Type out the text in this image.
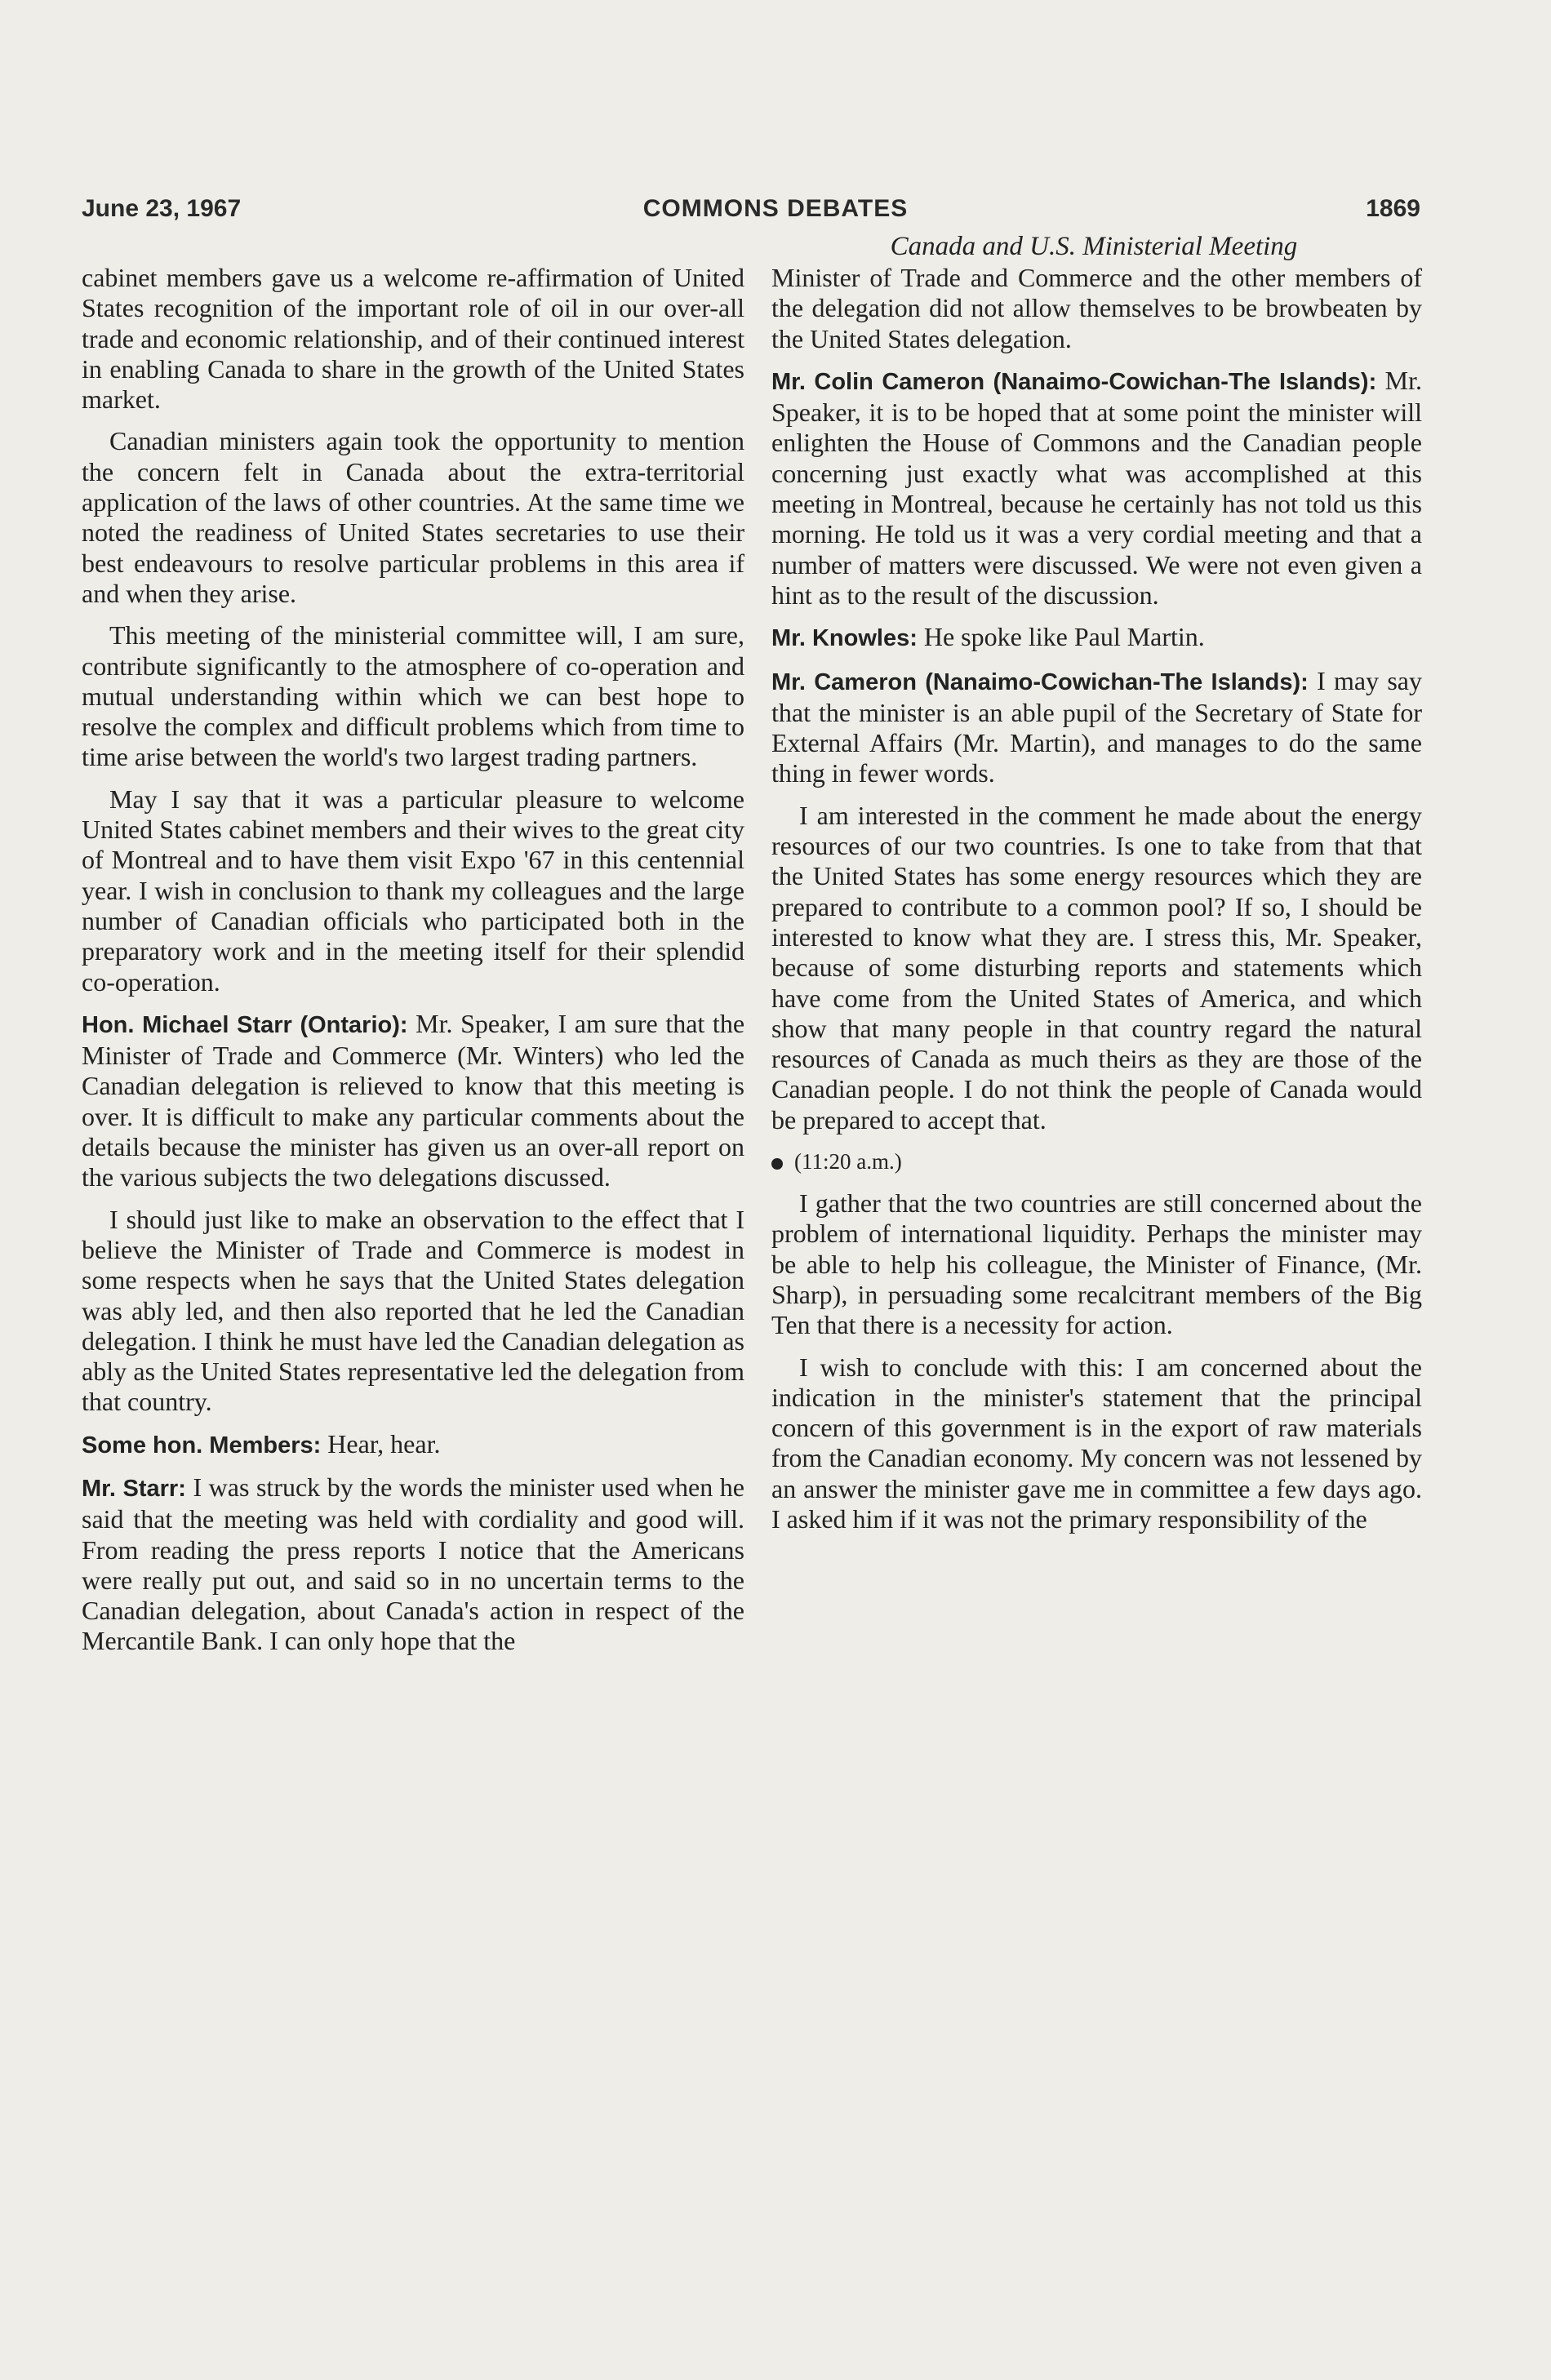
June 23, 1967	COMMONS DEBATES	1869
Canada and U.S. Ministerial Meeting

cabinet members gave us a welcome re-affirmation of United States recognition of the important role of oil in our over-all trade and economic relationship, and of their continued interest in enabling Canada to share in the growth of the United States market.

Canadian ministers again took the opportunity to mention the concern felt in Canada about the extra-territorial application of the laws of other countries. At the same time we noted the readiness of United States secretaries to use their best endeavours to resolve particular problems in this area if and when they arise.

This meeting of the ministerial committee will, I am sure, contribute significantly to the atmosphere of co-operation and mutual understanding within which we can best hope to resolve the complex and difficult problems which from time to time arise between the world's two largest trading partners.

May I say that it was a particular pleasure to welcome United States cabinet members and their wives to the great city of Montreal and to have them visit Expo '67 in this centennial year. I wish in conclusion to thank my colleagues and the large number of Canadian officials who participated both in the preparatory work and in the meeting itself for their splendid co-operation.

Hon. Michael Starr (Ontario): Mr. Speaker, I am sure that the Minister of Trade and Commerce (Mr. Winters) who led the Canadian delegation is relieved to know that this meeting is over. It is difficult to make any particular comments about the details because the minister has given us an over-all report on the various subjects the two delegations discussed.

I should just like to make an observation to the effect that I believe the Minister of Trade and Commerce is modest in some respects when he says that the United States delegation was ably led, and then also reported that he led the Canadian delegation. I think he must have led the Canadian delegation as ably as the United States representative led the delegation from that country.

Some hon. Members: Hear, hear.

Mr. Starr: I was struck by the words the minister used when he said that the meeting was held with cordiality and good will. From reading the press reports I notice that the Americans were really put out, and said so in no uncertain terms to the Canadian delegation, about Canada's action in respect of the Mercantile Bank. I can only hope that the

Minister of Trade and Commerce and the other members of the delegation did not allow themselves to be browbeaten by the United States delegation.

Mr. Colin Cameron (Nanaimo-Cowichan-The Islands): Mr. Speaker, it is to be hoped that at some point the minister will enlighten the House of Commons and the Canadian people concerning just exactly what was accomplished at this meeting in Montreal, because he certainly has not told us this morning. He told us it was a very cordial meeting and that a number of matters were discussed. We were not even given a hint as to the result of the discussion.

Mr. Knowles: He spoke like Paul Martin.

Mr. Cameron (Nanaimo-Cowichan-The Islands): I may say that the minister is an able pupil of the Secretary of State for External Affairs (Mr. Martin), and manages to do the same thing in fewer words.

I am interested in the comment he made about the energy resources of our two countries. Is one to take from that that the United States has some energy resources which they are prepared to contribute to a common pool? If so, I should be interested to know what they are. I stress this, Mr. Speaker, because of some disturbing reports and statements which have come from the United States of America, and which show that many people in that country regard the natural resources of Canada as much theirs as they are those of the Canadian people. I do not think the people of Canada would be prepared to accept that.

(11:20 a.m.)

I gather that the two countries are still concerned about the problem of international liquidity. Perhaps the minister may be able to help his colleague, the Minister of Finance, (Mr. Sharp), in persuading some recalcitrant members of the Big Ten that there is a necessity for action.

I wish to conclude with this: I am concerned about the indication in the minister's statement that the principal concern of this government is in the export of raw materials from the Canadian economy. My concern was not lessened by an answer the minister gave me in committee a few days ago. I asked him if it was not the primary responsibility of the
